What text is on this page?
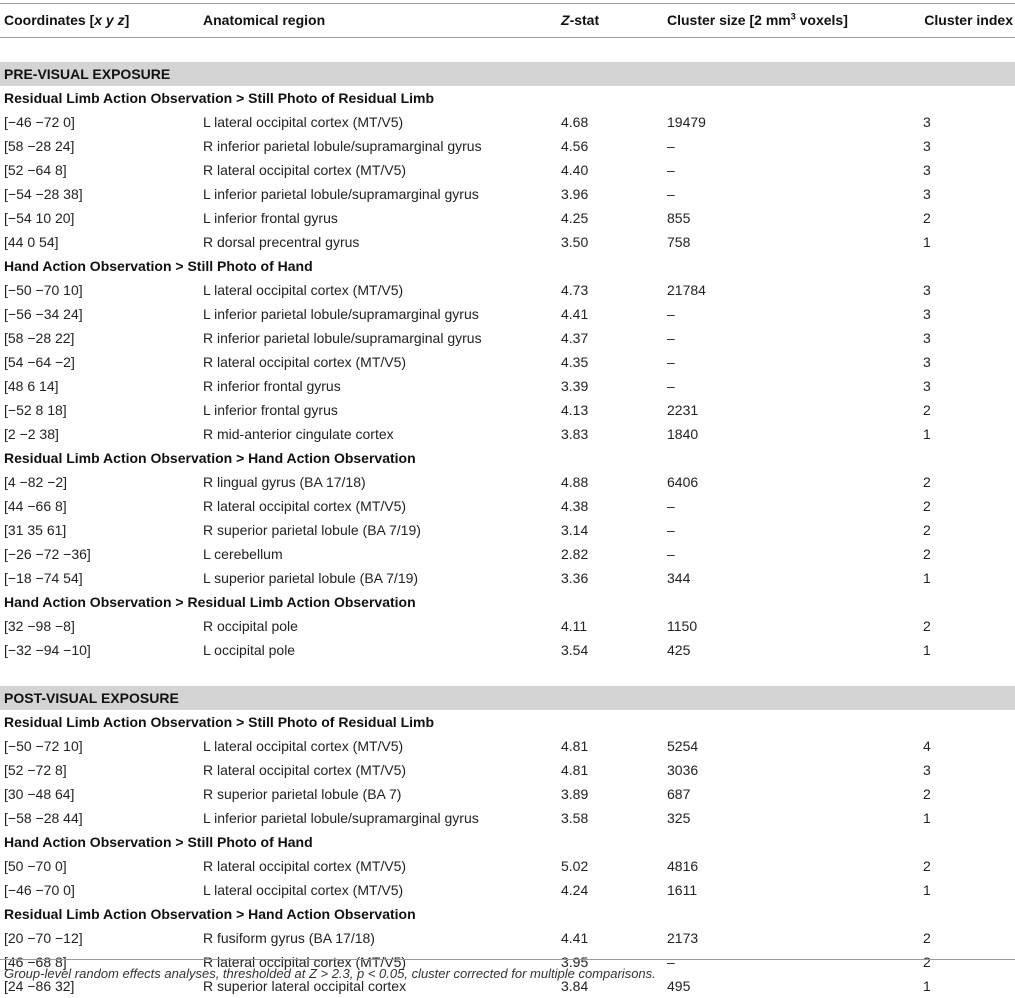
Coordinates [x y z]	Anatomical region	Z-stat	Cluster size [2 $mm^3$ voxels]	Cluster index

PRE-VISUAL EXPOSURE				
Residual Limb Action Observation > Still Photo of Residual Limb				
[−46 −72 0]	L lateral occipital cortex (MT/V5)	4.68	19479	3
[58 −28 24]	R inferior parietal lobule/supramarginal gyrus	4.56	–	3
[52 −64 8]	R lateral occipital cortex (MT/V5)	4.40	–	3
[−54 −28 38]	L inferior parietal lobule/supramarginal gyrus	3.96	–	3
[−54 10 20]	L inferior frontal gyrus	4.25	855	2
[44 0 54]	R dorsal precentral gyrus	3.50	758	1
Hand Action Observation > Still Photo of Hand				
[−50 −70 10]	L lateral occipital cortex (MT/V5)	4.73	21784	3
[−56 −34 24]	L inferior parietal lobule/supramarginal gyrus	4.41	–	3
[58 −28 22]	R inferior parietal lobule/supramarginal gyrus	4.37	–	3
[54 −64 −2]	R lateral occipital cortex (MT/V5)	4.35	–	3
[48 6 14]	R inferior frontal gyrus	3.39	–	3
[−52 8 18]	L inferior frontal gyrus	4.13	2231	2
[2 −2 38]	R mid-anterior cingulate cortex	3.83	1840	1
Residual Limb Action Observation > Hand Action Observation				
[4 −82 −2]	R lingual gyrus (BA 17/18)	4.88	6406	2
[44 −66 8]	R lateral occipital cortex (MT/V5)	4.38	–	2
[31 35 61]	R superior parietal lobule (BA 7/19)	3.14	–	2
[−26 −72 −36]	L cerebellum	2.82	–	2
[−18 −74 54]	L superior parietal lobule (BA 7/19)	3.36	344	1
Hand Action Observation > Residual Limb Action Observation				
[32 −98 −8]	R occipital pole	4.11	1150	2
[−32 −94 −10]	L occipital pole	3.54	425	1

POST-VISUAL EXPOSURE				
Residual Limb Action Observation > Still Photo of Residual Limb				
[−50 −72 10]	L lateral occipital cortex (MT/V5)	4.81	5254	4
[52 −72 8]	R lateral occipital cortex (MT/V5)	4.81	3036	3
[30 −48 64]	R superior parietal lobule (BA 7)	3.89	687	2
[−58 −28 44]	L inferior parietal lobule/supramarginal gyrus	3.58	325	1
Hand Action Observation > Still Photo of Hand				
[50 −70 0]	R lateral occipital cortex (MT/V5)	5.02	4816	2
[−46 −70 0]	L lateral occipital cortex (MT/V5)	4.24	1611	1
Residual Limb Action Observation > Hand Action Observation				
[20 −70 −12]	R fusiform gyrus (BA 17/18)	4.41	2173	2
[46 −68 8]	R lateral occipital cortex (MT/V5)	3.95	–	2
[24 −86 32]	R superior lateral occipital cortex	3.84	495	1
Group-level random effects analyses, thresholded at Z > 2.3, p < 0.05, cluster corrected for multiple comparisons.
